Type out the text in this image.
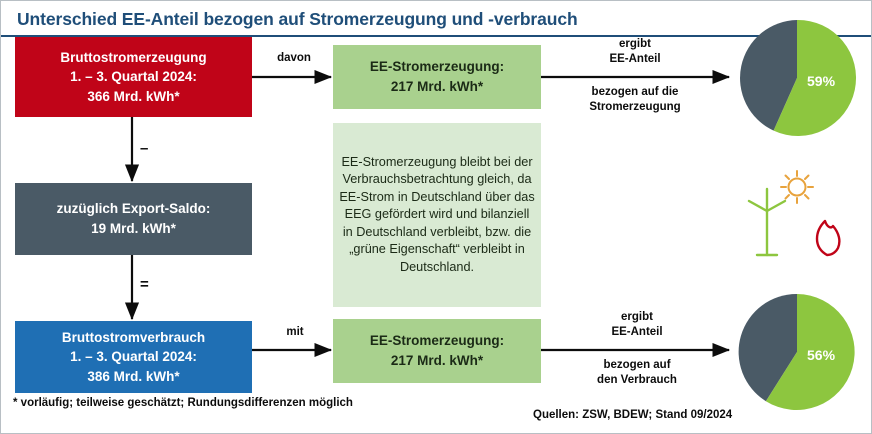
Unterschied EE-Anteil bezogen auf Stromerzeugung und -verbrauch
Bruttostromerzeugung
1. – 3. Quartal 2024:
366 Mrd. kWh*
–
zuzüglich Export-Saldo:
19 Mrd. kWh*
=
Bruttostromverbrauch
1. – 3. Quartal 2024:
386 Mrd. kWh*
davon
mit
EE-Stromerzeugung:
217 Mrd. kWh*
EE-Stromerzeugung bleibt bei der Verbrauchsbetrachtung gleich, da EE-Strom in Deutschland über das EEG gefördert wird und bilanziell in Deutschland verbleibt, bzw. die „grüne Eigenschaft“ verbleibt in Deutschland.
EE-Stromerzeugung:
217 Mrd. kWh*
ergibt
EE-Anteil
bezogen auf die
Stromerzeugung
ergibt
EE-Anteil
bezogen auf
den Verbrauch
59%
56%
* vorläufig; teilweise geschätzt; Rundungsdifferenzen möglich
Quellen: ZSW, BDEW; Stand 09/2024
